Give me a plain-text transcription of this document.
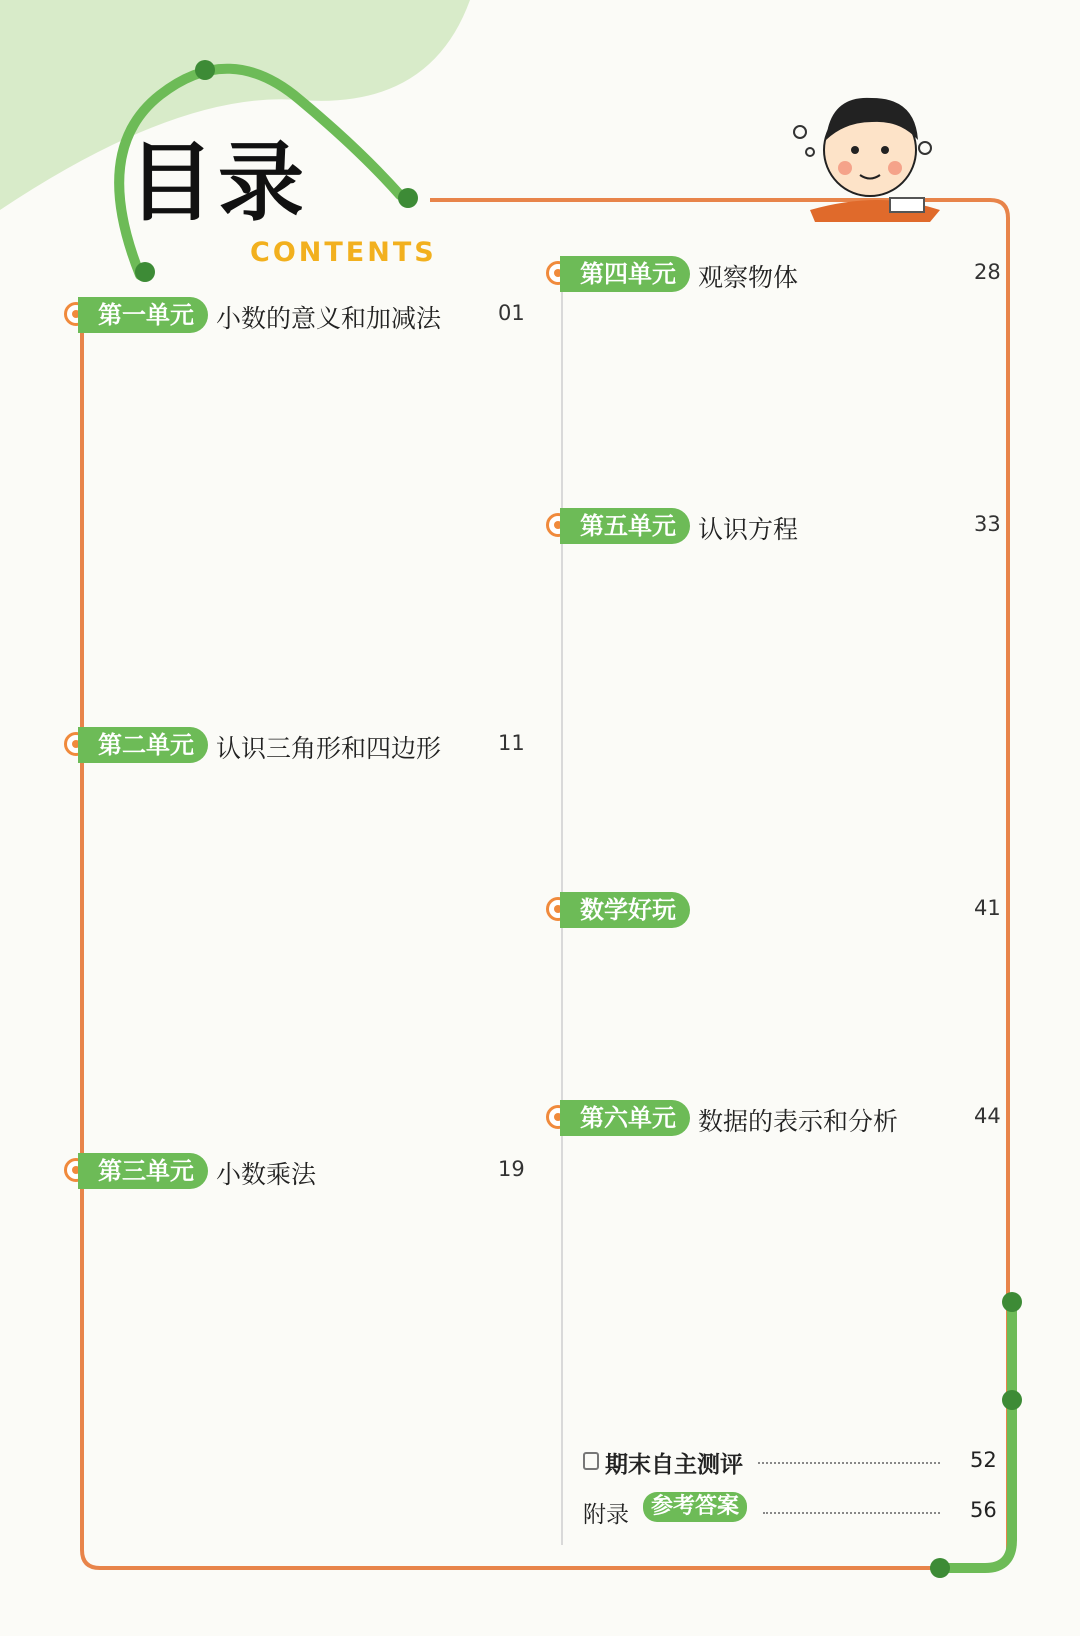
目录
CONTENTS
期末自主测评	52
附录	参考答案	56
第一单元 小数的意义和加减法	01
第二单元 认识三角形和四边形	11
第三单元 小数乘法	19
第四单元 观察物体	28
第五单元 认识方程	33
数学好玩	41
第六单元 数据的表示和分析	44
